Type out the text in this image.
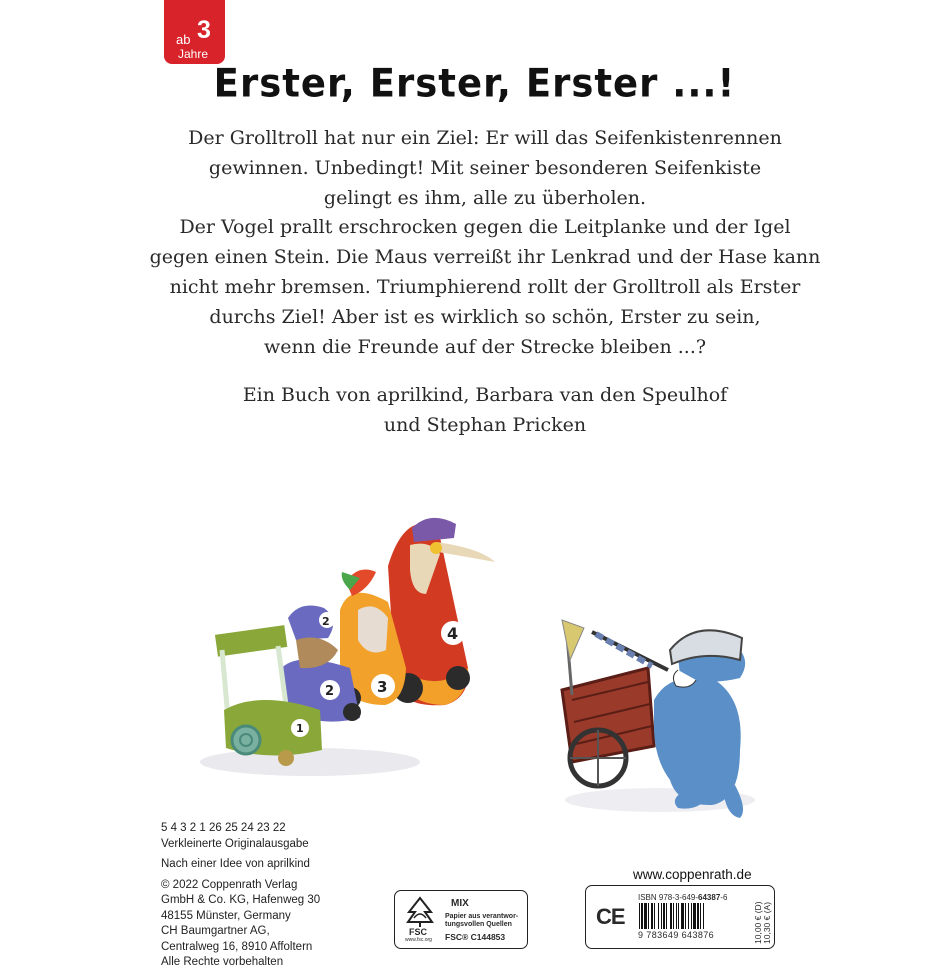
ab 3
Jahre
Erster, Erster, Erster ...!
Der Grolltroll hat nur ein Ziel: Er will das Seifenkistenrennen
gewinnen. Unbedingt! Mit seiner besonderen Seifenkiste
gelingt es ihm, alle zu überholen.
Der Vogel prallt erschrocken gegen die Leitplanke und der Igel
gegen einen Stein. Die Maus verreißt ihr Lenkrad und der Hase kann
nicht mehr bremsen. Triumphierend rollt der Grolltroll als Erster
durchs Ziel! Aber ist es wirklich so schön, Erster zu sein,
wenn die Freunde auf der Strecke bleiben ...?
Ein Buch von aprilkind, Barbara van den Speulhof
und Stephan Pricken
4
3
2
2
1
5 4 3 2 1 26 25 24 23 22
Verkleinerte Originalausgabe
Nach einer Idee von aprilkind
© 2022 Coppenrath Verlag
GmbH & Co. KG, Hafenweg 30
48155 Münster, Germany
CH Baumgartner AG,
Centralweg 16, 8910 Affoltern
Alle Rechte vorbehalten
FSC
www.fsc.org
MIX
Papier aus verantwor-
tungsvollen Quellen
FSC® C144853
www.coppenrath.de
CE
ISBN 978-3-649-64387-6
9 783649 643876	10,00 € (D) 10,30 € (A)
